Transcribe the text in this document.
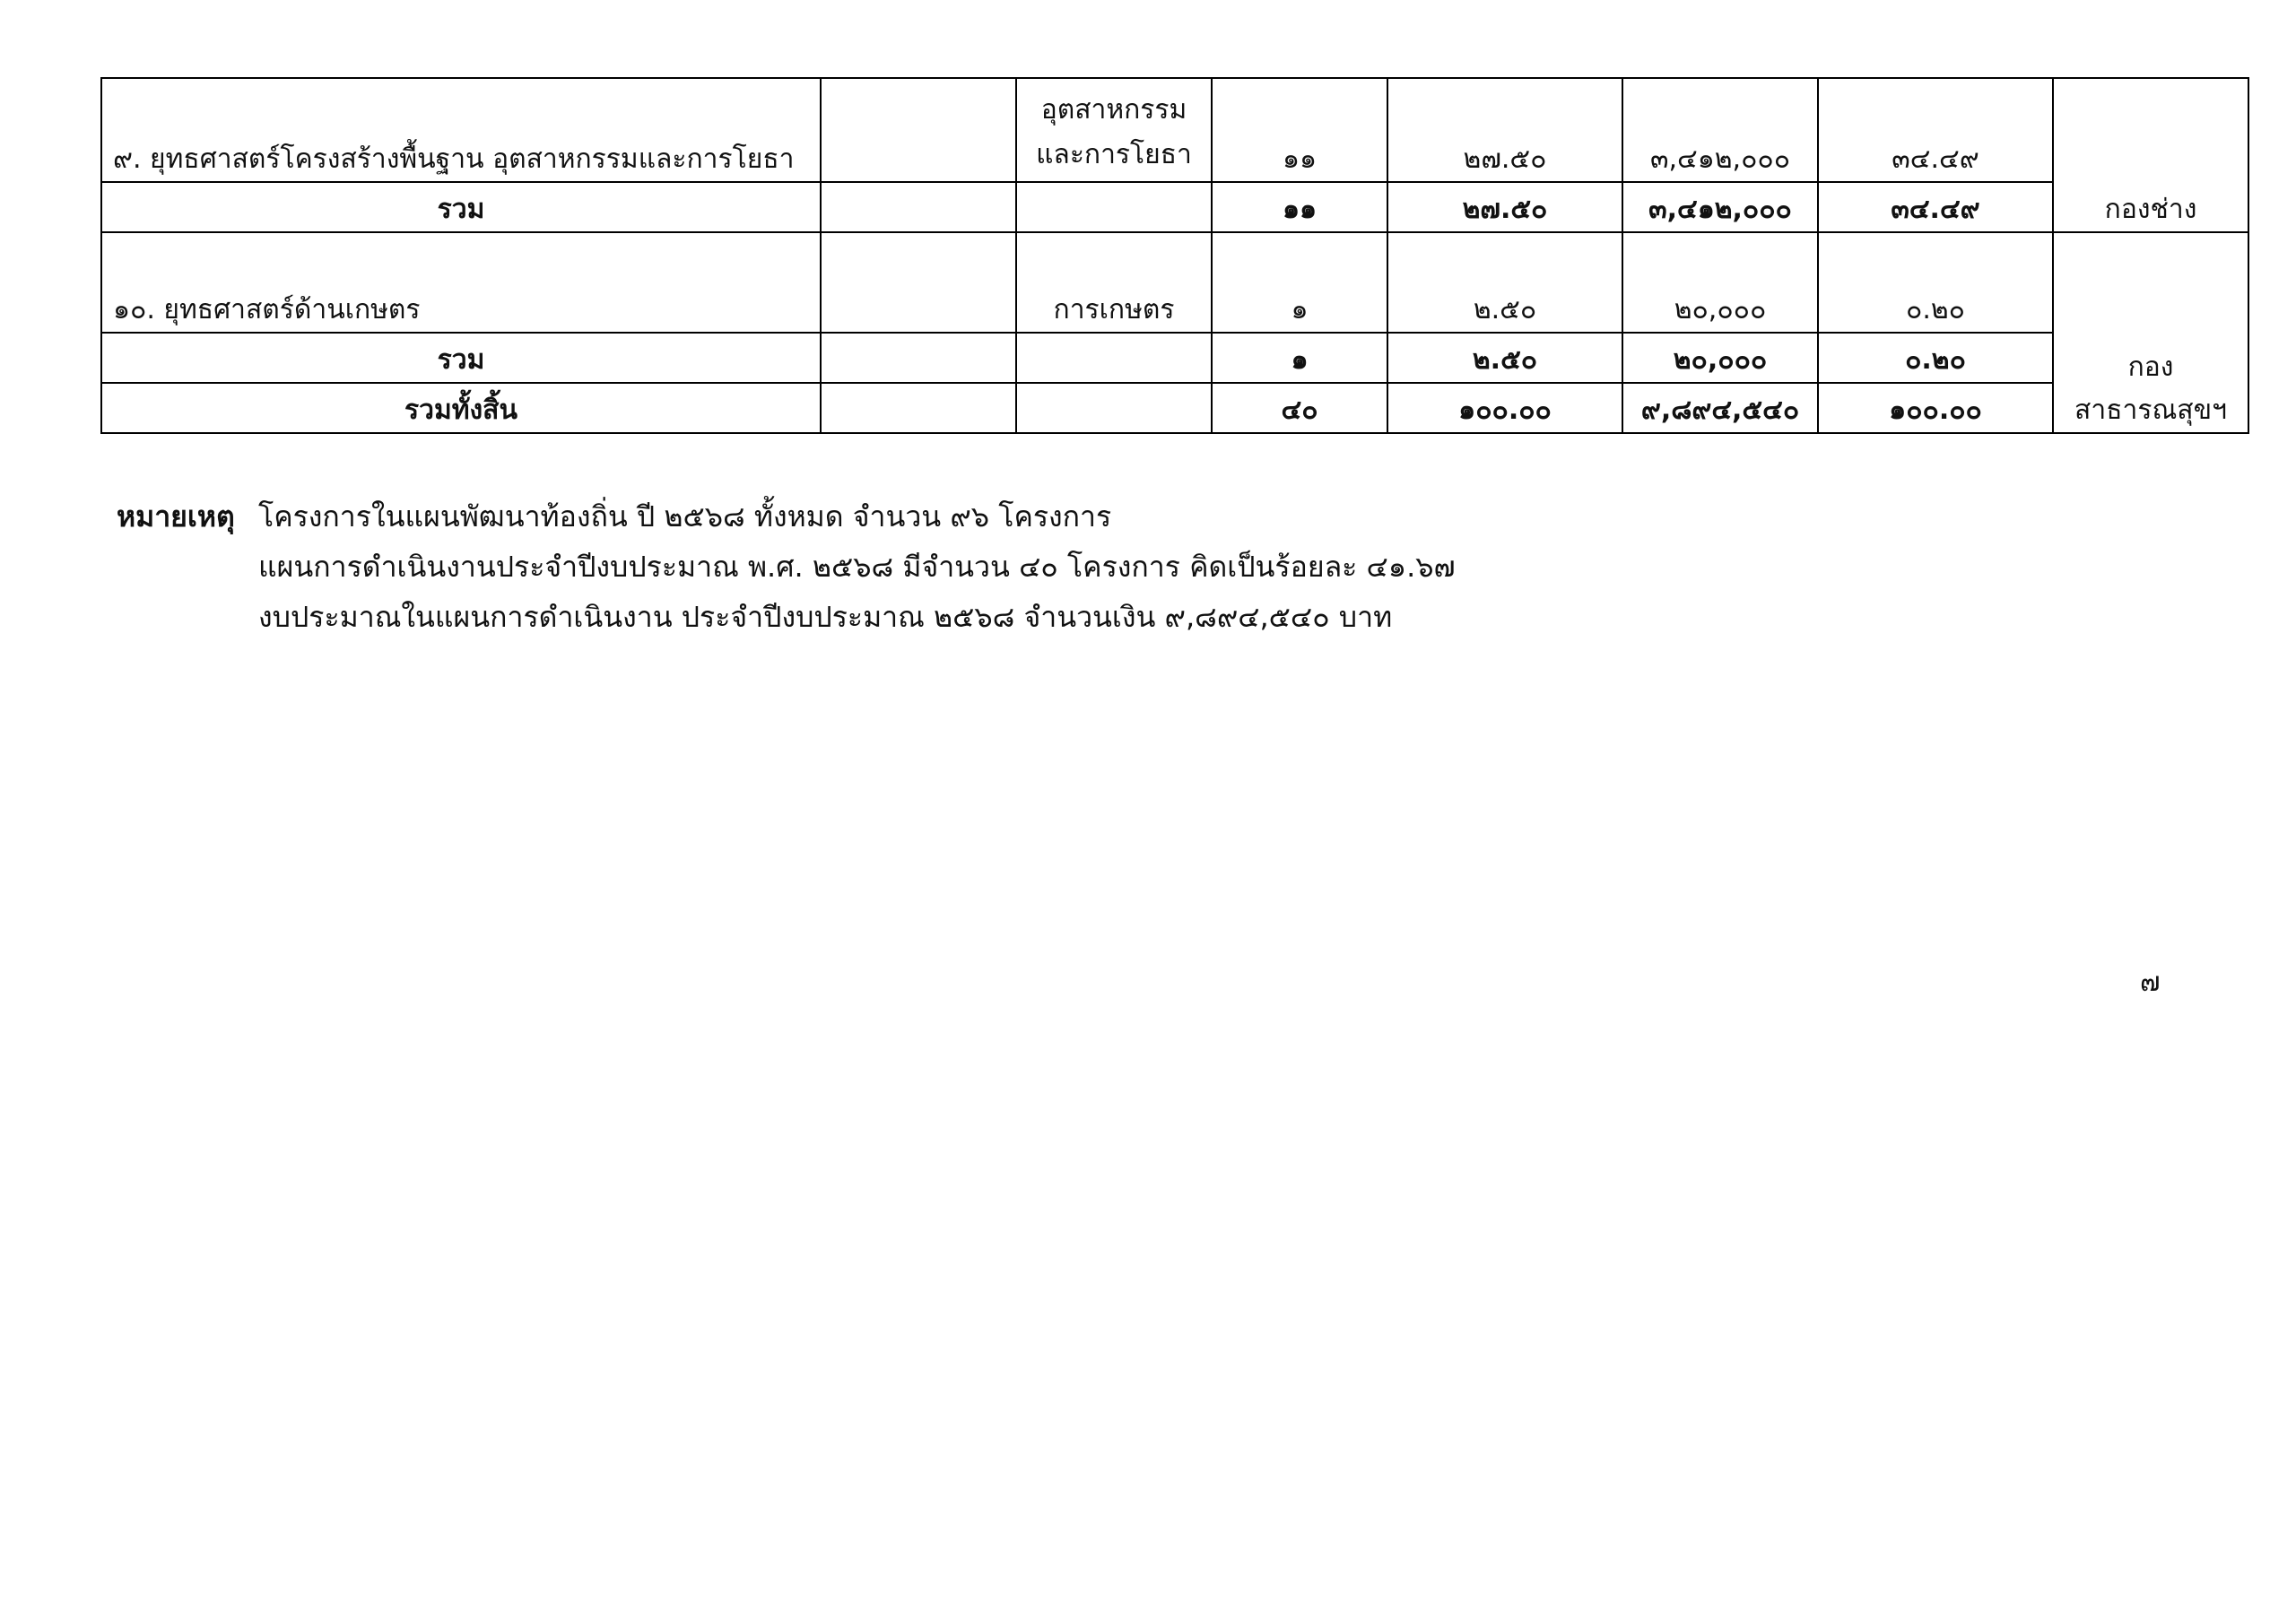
๙. ยุทธศาสตร์โครงสร้างพื้นฐาน อุตสาหกรรมและการโยธา		อุตสาหกรรม
และการโยธา	๑๑	๒๗.๕๐	๓,๔๑๒,๐๐๐	๓๔.๔๙	กองช่าง
รวม			๑๑	๒๗.๕๐	๓,๔๑๒,๐๐๐	๓๔.๔๙	
๑๐. ยุทธศาสตร์ด้านเกษตร		การเกษตร	๑	๒.๕๐	๒๐,๐๐๐	๐.๒๐	กอง
สาธารณสุขฯ

รวม			๑	๒.๕๐	๒๐,๐๐๐	๐.๒๐	
รวมทั้งสิ้น			๔๐	๑๐๐.๐๐	๙,๘๙๔,๕๔๐	๑๐๐.๐๐	
หมายเหตุ โครงการในแผนพัฒนาท้องถิ่น ปี ๒๕๖๘ ทั้งหมด จำนวน ๙๖ โครงการ
แผนการดำเนินงานประจำปีงบประมาณ พ.ศ. ๒๕๖๘ มีจำนวน ๔๐ โครงการ คิดเป็นร้อยละ ๔๑.๖๗
งบประมาณในแผนการดำเนินงาน ประจำปีงบประมาณ ๒๕๖๘ จำนวนเงิน ๙,๘๙๔,๕๔๐ บาท
๗
